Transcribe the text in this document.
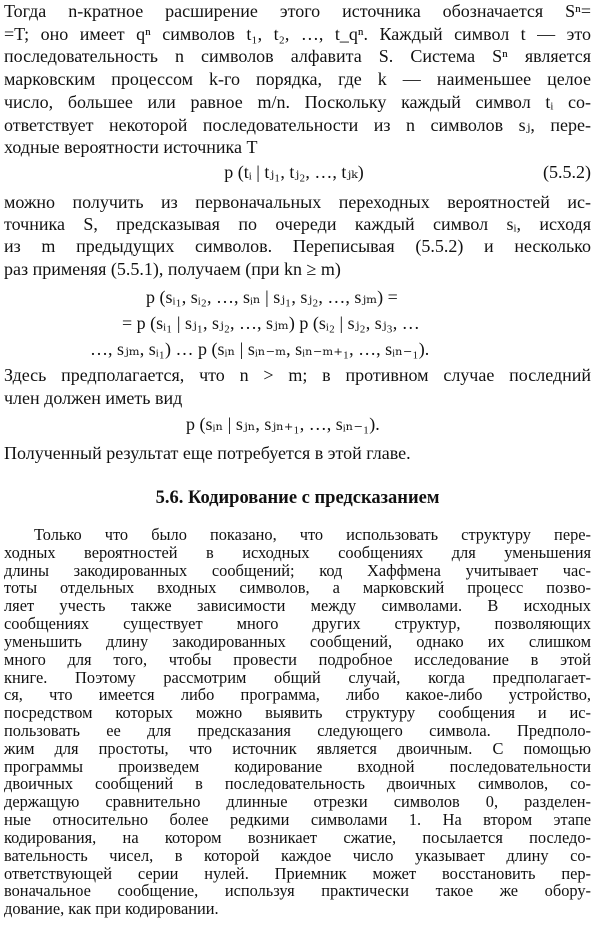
Тогда n-кратное расширение этого источника обозначается Sⁿ=
=T; оно имеет qⁿ символов t₁, t₂, …, t_qⁿ. Каждый символ t — это
последовательность n символов алфавита S. Система Sⁿ является
марковским процессом k-го порядка, где k — наименьшее целое
число, большее или равное m/n. Поскольку каждый символ tᵢ со-
ответствует некоторой последовательности из n символов sⱼ, пере-
ходные вероятности источника T
p (tᵢ | tⱼ₁, tⱼ₂, …, tⱼₖ)	(5.5.2)
можно получить из первоначальных переходных вероятностей ис-
точника S, предсказывая по очереди каждый символ sᵢ, исходя
из m предыдущих символов. Переписывая (5.5.2) и несколько
раз применяя (5.5.1), получаем (при kn ≥ m)
p (sᵢ₁, sᵢ₂, …, sᵢₙ | sⱼ₁, sⱼ₂, …, sⱼₘ) =
= p (sᵢ₁ | sⱼ₁, sⱼ₂, …, sⱼₘ) p (sᵢ₂ | sⱼ₂, sⱼ₃, …
…, sⱼₘ, sᵢ₁) … p (sᵢₙ | sᵢₙ₋ₘ, sᵢₙ₋ₘ₊₁, …, sᵢₙ₋₁).
Здесь предполагается, что n > m; в противном случае последний
член должен иметь вид
p (sᵢₙ | sⱼₙ, sⱼₙ₊₁, …, sᵢₙ₋₁).
Полученный результат еще потребуется в этой главе.
5.6. Кодирование с предсказанием
Только что было показано, что использовать структуру пере-
ходных вероятностей в исходных сообщениях для уменьшения
длины закодированных сообщений; код Хаффмена учитывает час-
тоты отдельных входных символов, а марковский процесс позво-
ляет учесть также зависимости между символами. В исходных
сообщениях существует много других структур, позволяющих
уменьшить длину закодированных сообщений, однако их слишком
много для того, чтобы провести подробное исследование в этой
книге. Поэтому рассмотрим общий случай, когда предполагает-
ся, что имеется либо программа, либо какое-либо устройство,
посредством которых можно выявить структуру сообщения и ис-
пользовать ее для предсказания следующего символа. Предполо-
жим для простоты, что источник является двоичным. С помощью
программы произведем кодирование входной последовательности
двоичных сообщений в последовательность двоичных символов, со-
держащую сравнительно длинные отрезки символов 0, разделен-
ные относительно более редкими символами 1. На втором этапе
кодирования, на котором возникает сжатие, посылается последо-
вательность чисел, в которой каждое число указывает длину со-
ответствующей серии нулей. Приемник может восстановить пер-
воначальное сообщение, используя практически такое же обору-
дование, как при кодировании.
